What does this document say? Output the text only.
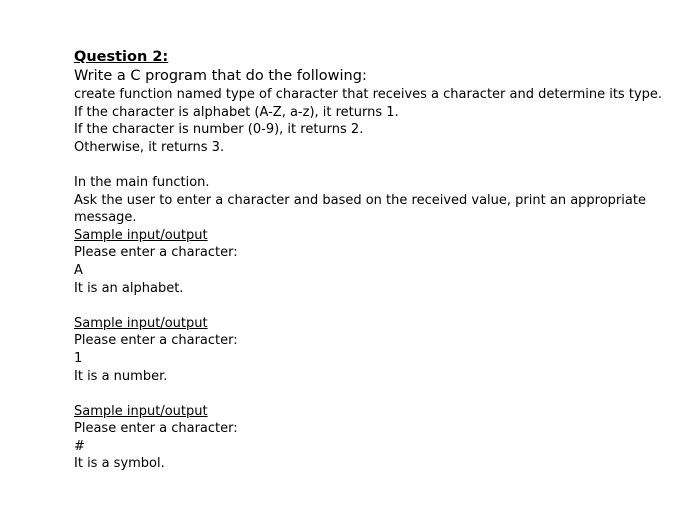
Question 2:
Write a C program that do the following:
create function named type of character that receives a character and determine its type.
If the character is alphabet (A-Z, a-z), it returns 1.
If the character is number (0-9), it returns 2.
Otherwise, it returns 3.
In the main function.
Ask the user to enter a character and based on the received value, print an appropriate message.
Sample input/output
Please enter a character:
A
It is an alphabet.
Sample input/output
Please enter a character:
1
It is a number.
Sample input/output
Please enter a character:
#
It is a symbol.
